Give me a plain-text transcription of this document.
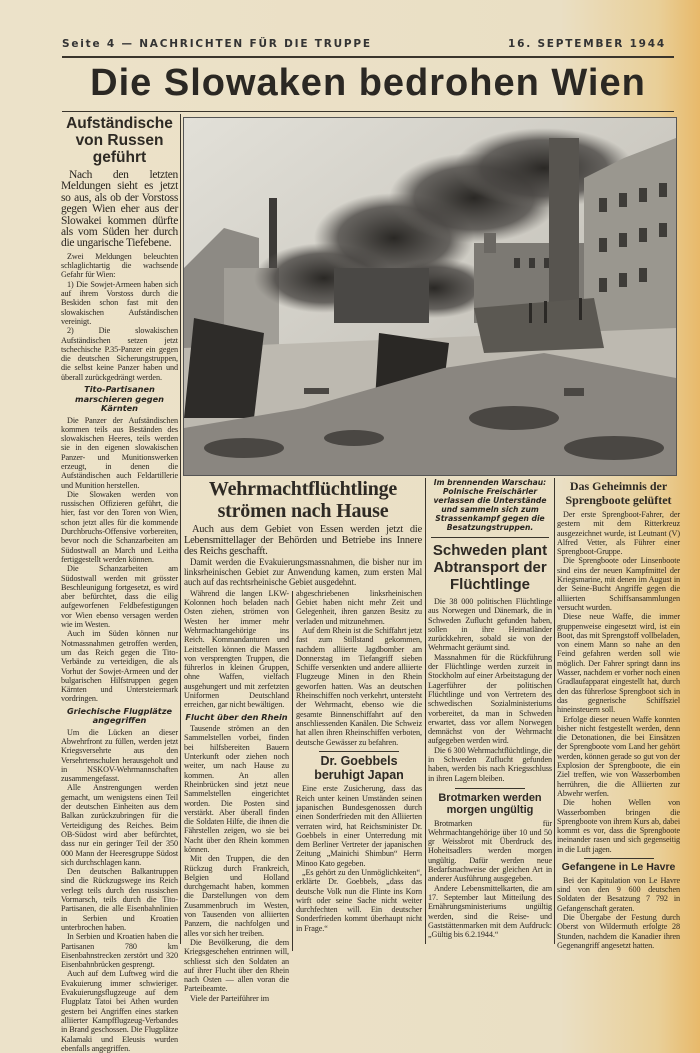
Seite 4 — NACHRICHTEN FÜR DIE TRUPPE	16. SEPTEMBER 1944
Die Slowaken bedrohen Wien
Aufständische von Russen geführt

Nach den letzten Meldungen sieht es jetzt so aus, als ob der Vorstoss gegen Wien eher aus der Slowakei kommen dürfte als vom Süden her durch die ungarische Tiefebene.

Zwei Meldungen beleuchten schlaglichtartig die wachsende Gefahr für Wien:

1) Die Sowjet-Armeen haben sich auf ihrem Vorstoss durch die Beskiden schon fast mit den slowakischen Aufständischen vereinigt.

2) Die slowakischen Aufständischen setzen jetzt tschechische P.35-Panzer ein gegen die deutschen Sicherungstruppen, die selbst keine Panzer haben und überall zurückgedrängt werden.

Tito-Partisanen marschieren gegen Kärnten

Die Panzer der Aufständischen kommen teils aus Beständen des slowakischen Heeres, teils werden sie in den eigenen slowakischen Panzer- und Munitionswerken erzeugt, in denen die Aufständischen auch Feldartillerie und Munition herstellen.

Die Slowaken werden von russischen Offizieren geführt, die hier, fast vor den Toren von Wien, schon jetzt alles für die kommende Durchbruchs-Offensive vorbereiten, bevor noch die Schanzarbeiten am Südostwall an March und Leitha fertiggestellt werden können.

Die Schanzarbeiten am Südostwall werden mit grösster Beschleunigung fortgesetzt, es wird aber befürchtet, dass die eilig aufgeworfenen Feldbefestigungen vor Wien ebenso versagen werden wie im Westen.

Auch im Süden können nur Notmassnahmen getroffen werden, um das Reich gegen die Tito-Verbände zu verteidigen, die als Vorhut der Sowjet-Armeen und der bulgarischen Hilfstruppen gegen Kärnten und Untersteiermark vordringen.

Griechische Flugplätze angegriffen

Um die Lücken an dieser Abwehrfront zu füllen, werden jetzt Kriegsversehrte aus den Versehrtenschulen herausgeholt und in NSKOV-Wehrmannschaften zusammengefasst.

Alle Anstrengungen werden gemacht, um wenigstens einen Teil der deutschen Einheiten aus dem Balkan zurückzubringen für die Verteidigung des Reiches. Beim OB-Südost wird aber befürchtet, dass nur ein geringer Teil der 350 000 Mann der Heeresgruppe Südost sich durchschlagen kann.

Den deutschen Balkantruppen sind die Rückzugswege ins Reich verlegt teils durch den russischen Vormarsch, teils durch die Tito-Partisanen, die alle Eisenbahnlinien in Serbien und Kroatien unterbrochen haben.

In Serbien und Kroatien haben die Partisanen 780 km Eisenbahnstrecken zerstört und 320 Eisenbahnbrücken gesprengt.

Auch auf dem Luftweg wird die Evakuierung immer schwieriger. Evakuierungsflugzeuge auf dem Flugplatz Tatoi bei Athen wurden gestern bei Angriffen eines starken alliierter Kampfflugzeug-Verbandes in Brand geschossen. Die Flugplätze Kalamaki und Eleusis wurden ebenfalls angegriffen.

Wehrmachtflüchtlinge strömen nach Hause

Auch aus dem Gebiet von Essen werden jetzt die Lebensmittellager der Behörden und Betriebe ins Innere des Reichs geschafft.

Damit werden die Evakuierungsmassnahmen, die bisher nur im linksrheinischen Gebiet zur Anwendung kamen, zum ersten Mal auch auf das rechtsrheinische Gebiet ausgedehnt.

Während die langen LKW-Kolonnen hoch beladen nach Osten ziehen, strömen von Westen her immer mehr Wehrmachtangehörige ins Reich. Kommandanturen und Leitstellen können die Massen von versprengten Truppen, die führerlos in kleinen Gruppen, ohne Waffen, vielfach ausgehungert und mit zerfetzten Uniformen Deutschland erreichen, gar nicht bewältigen.

Flucht über den Rhein

Tausende strömen an den Sammelstellen vorbei, finden bei hilfsbereiten Bauern Unterkunft oder ziehen noch weiter, um nach Hause zu kommen. An allen Rheinbrücken sind jetzt neue Sammelstellen eingerichtet worden. Die Posten sind verstärkt. Aber überall finden die Soldaten Hilfe, die ihnen die Fährstellen zeigen, wo sie bei Nacht über den Rhein kommen können.

Mit den Truppen, die den Rückzug durch Frankreich, Belgien und Holland durchgemacht haben, kommen die Darstellungen von dem Zusammenbruch im Westen, von Tausenden von alliierten Panzern, die nachfolgen und alles vor sich her treiben.

Die Bevölkerung, die dem Kriegsgeschehen entrinnen will, schliesst sich den Soldaten an auf ihrer Flucht über den Rhein nach Osten — allen voran die Parteibeamte.

Viele der Parteiführer im

abgeschriebenen linksrheinischen Gebiet haben nicht mehr Zeit und Gelegenheit, ihren ganzen Besitz zu verladen und mitzunehmen.

Auf dem Rhein ist die Schiffahrt jetzt fast zum Stillstand gekommen, nachdem alliierte Jagdbomber am Donnerstag im Tiefangriff sieben Schiffe versenkten und andere alliierte Flugzeuge Minen in den Rhein geworfen hatten. Was an deutschen Rheinschiffen noch verkehrt, untersteht der Wehrmacht, ebenso wie die gesamte Binnenschiffahrt auf den anschliessenden Kanälen. Die Schweiz hat allen ihren Rheinschiffen verboten, deutsche Gewässer zu befahren.

Dr. Goebbels beruhigt Japan

Eine erste Zusicherung, dass das Reich unter keinen Umständen seinen japanischen Bundesgenossen durch einen Sonderfrieden mit den Alliierten verraten wird, hat Reichsminister Dr. Goebbels in einer Unterredung mit dem Berliner Vertreter der japanischen Zeitung „Mainichi Shimbun“ Herrn Minoo Kato gegeben.

„Es gehört zu den Unmöglichkeiten“, erklärte Dr. Goebbels, „dass das deutsche Volk nun die Flinte ins Korn wirft oder seine Sache nicht weiter durchfechten will. Ein deutscher Sonderfrieden kommt überhaupt nicht in Frage.“

Im brennenden Warschau: Polnische Freischärler verlassen die Unterstände und sammeln sich zum Strassenkampf gegen die Besatzungstruppen.
Schweden plant Abtransport der Flüchtlinge

Die 38 000 politischen Flüchtlinge aus Norwegen und Dänemark, die in Schweden Zuflucht gefunden haben, sollen in ihre Heimatländer zurückkehren, sobald sie von der Wehrmacht geräumt sind.

Massnahmen für die Rückführung der Flüchtlinge werden zurzeit in Stockholm auf einer Arbeitstagung der Lagerführer der politischen Flüchtlinge und von Vertretern des schwedischen Sozialministeriums vorbereitet, da man in Schweden erwartet, dass vor allem Norwegen demnächst von der Wehrmacht aufgegeben werden wird.

Die 6 300 Wehrmachtflüchtlinge, die in Schweden Zuflucht gefunden haben, werden bis nach Kriegsschluss in ihren Lagern bleiben.

Brotmarken werden morgen ungültig

Brotmarken für Wehrmachtangehörige über 10 und 50 gr Weissbrot mit Überdruck des Hoheitsadlers werden morgen ungültig. Dafür werden neue Bedarfsnachweise der gleichen Art in anderer Ausführung ausgegeben.

Andere Lebensmittelkarten, die am 17. September laut Mitteilung des Ernährungsministeriums ungültig werden, sind die Reise- und Gaststättenmarken mit dem Aufdruck: „Gültig bis 6.2.1944.“

Das Geheimnis der Sprengboote gelüftet

Der erste Sprengboot-Fahrer, der gestern mit dem Ritterkreuz ausgezeichnet wurde, ist Leutnant (V) Alfred Vetter, als Führer einer Sprengboot-Gruppe.

Die Sprengboote oder Linsenboote sind eins der neuen Kampfmittel der Kriegsmarine, mit denen im August in der Seine-Bucht Angriffe gegen die alliierten Schiffsansammlungen versucht wurden.

Diese neue Waffe, die immer gruppenweise eingesetzt wird, ist ein Boot, das mit Sprengstoff vollbeladen, von einem Mann so nahe an den Feind gefahren werden soll wie möglich. Der Fahrer springt dann ins Wasser, nachdem er vorher noch einen Gradlaufapparat eingestellt hat, durch den das führerlose Sprengboot sich in das gegnerische Schiffsziel hineinsteuern soll.

Erfolge dieser neuen Waffe konnten bisher nicht festgestellt werden, denn die Detonationen, die bei Einsätzen der Sprengboote vom Land her gehört werden, können gerade so gut von der Explosion der Sprengboote, die ein Ziel treffen, wie von Wasserbomben herrühren, die die Alliierten zur Abwehr werfen.

Die hohen Wellen von Wasserbomben bringen die Sprengboote von ihrem Kurs ab, dabei kommt es vor, dass die Sprengboote ineinander rasen und sich gegenseitig in die Luft jagen.

Gefangene in Le Havre

Bei der Kapitulation von Le Havre sind von den 9 600 deutschen Soldaten der Besatzung 7 792 in Gefangenschaft geraten.

Die Übergabe der Festung durch Oberst von Wildermuth erfolgte 28 Stunden, nachdem die Kanadier ihren Gegenangriff angesetzt hatten.
